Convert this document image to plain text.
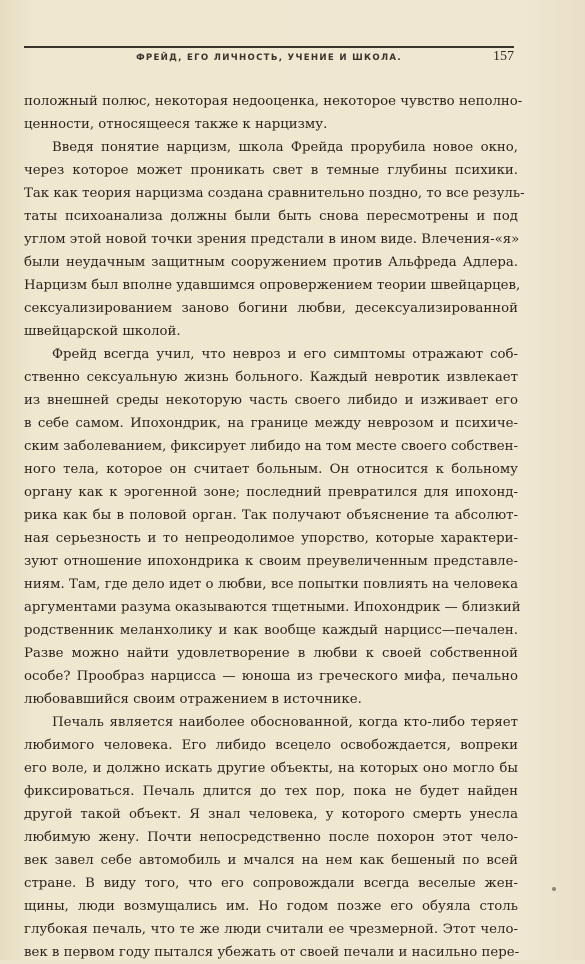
ФРЕЙД, ЕГО ЛИЧНОСТЬ, УЧЕНИЕ И ШКОЛА.	157
положный полюс, некоторая недооценка, некоторое чувство неполно-
ценности, относящееся также к нарцизму.
Введя понятие нарцизм, школа Фрейда прорубила новое окно,
через которое может проникать свет в темные глубины психики.
Так как теория нарцизма создана сравнительно поздно, то все резуль-
таты психоанализа должны были быть снова пересмотрены и под
углом этой новой точки зрения предстали в ином виде. Влечения-«я»
были неудачным защитным сооружением против Альфреда Адлера.
Нарцизм был вполне удавшимся опровержением теории швейцарцев,
сексуализированием заново богини любви, десексуализированной
швейцарской школой.
Фрейд всегда учил, что невроз и его симптомы отражают соб-
ственно сексуальную жизнь больного. Каждый невротик извлекает
из внешней среды некоторую часть своего либидо и изживает его
в себе самом. Ипохондрик, на границе между неврозом и психиче-
ским заболеванием, фиксирует либидо на том месте своего собствен-
ного тела, которое он считает больным. Он относится к больному
органу как к эрогенной зоне; последний превратился для ипохонд-
рика как бы в половой орган. Так получают объяснение та абсолют-
ная серьезность и то непреодолимое упорство, которые характери-
зуют отношение ипохондрика к своим преувеличенным представле-
ниям. Там, где дело идет о любви, все попытки повлиять на человека
аргументами разума оказываются тщетными. Ипохондрик — близкий
родственник меланхолику и как вообще каждый нарцисс—печален.
Разве можно найти удовлетворение в любви к своей собственной
особе? Прообраз нарцисса — юноша из греческого мифа, печально
любовавшийся своим отражением в источнике.
Печаль является наиболее обоснованной, когда кто-либо теряет
любимого человека. Его либидо всецело освобождается, вопреки
его воле, и должно искать другие объекты, на которых оно могло бы
фиксироваться. Печаль длится до тех пор, пока не будет найден
другой такой объект. Я знал человека, у которого смерть унесла
любимую жену. Почти непосредственно после похорон этот чело-
век завел себе автомобиль и мчался на нем как бешеный по всей
стране. В виду того, что его сопровождали всегда веселые жен-
щины, люди возмущались им. Но годом позже его обуяла столь
глубокая печаль, что те же люди считали ее чрезмерной. Этот чело-
век в первом году пытался убежать от своей печали и насильно пере-
